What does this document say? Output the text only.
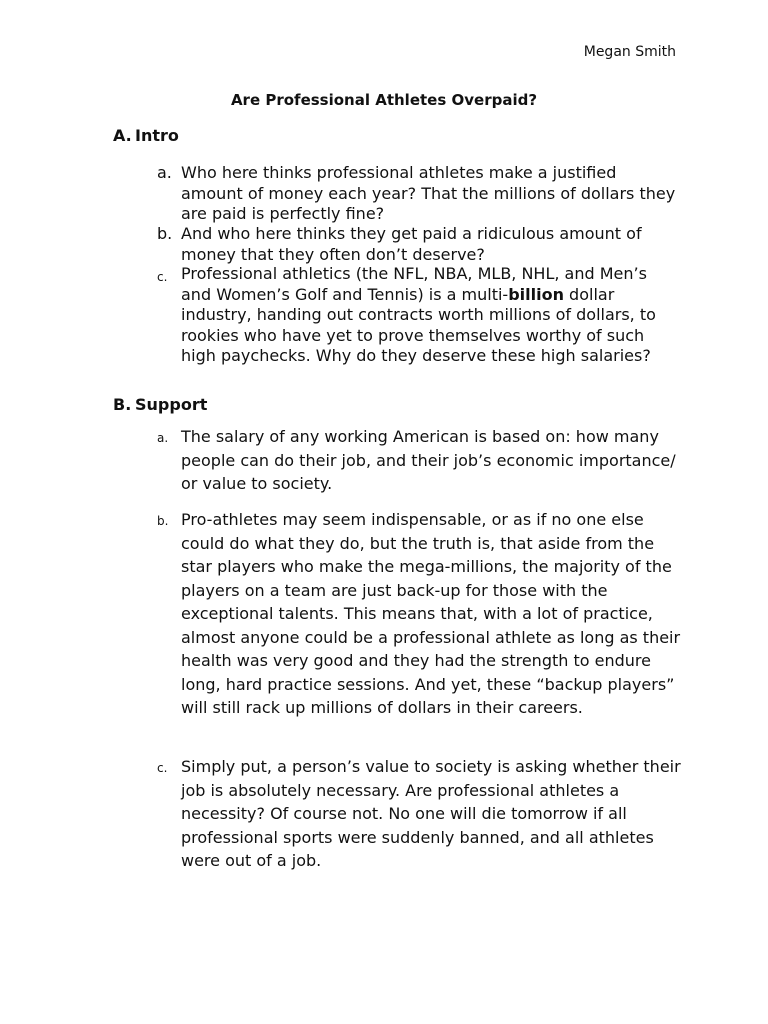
Megan Smith
Are Professional Athletes Overpaid?
A. Intro
a. Who here thinks professional athletes make a justified amount of money each year? That the millions of dollars they are paid is perfectly fine?
b. And who here thinks they get paid a ridiculous amount of money that they often don’t deserve?
c. Professional athletics (the NFL, NBA, MLB, NHL, and Men’s and Women’s Golf and Tennis) is a multi-billion dollar industry, handing out contracts worth millions of dollars, to rookies who have yet to prove themselves worthy of such high paychecks. Why do they deserve these high salaries?
B. Support
a. The salary of any working American is based on: how many people can do their job, and their job’s economic importance/ or value to society.
b. Pro-athletes may seem indispensable, or as if no one else could do what they do, but the truth is, that aside from the star players who make the mega-millions, the majority of the players on a team are just back-up for those with the exceptional talents. This means that, with a lot of practice, almost anyone could be a professional athlete as long as their health was very good and they had the strength to endure long, hard practice sessions. And yet, these “backup players” will still rack up millions of dollars in their careers.
c. Simply put, a person’s value to society is asking whether their job is absolutely necessary. Are professional athletes a necessity? Of course not. No one will die tomorrow if all professional sports were suddenly banned, and all athletes were out of a job.
